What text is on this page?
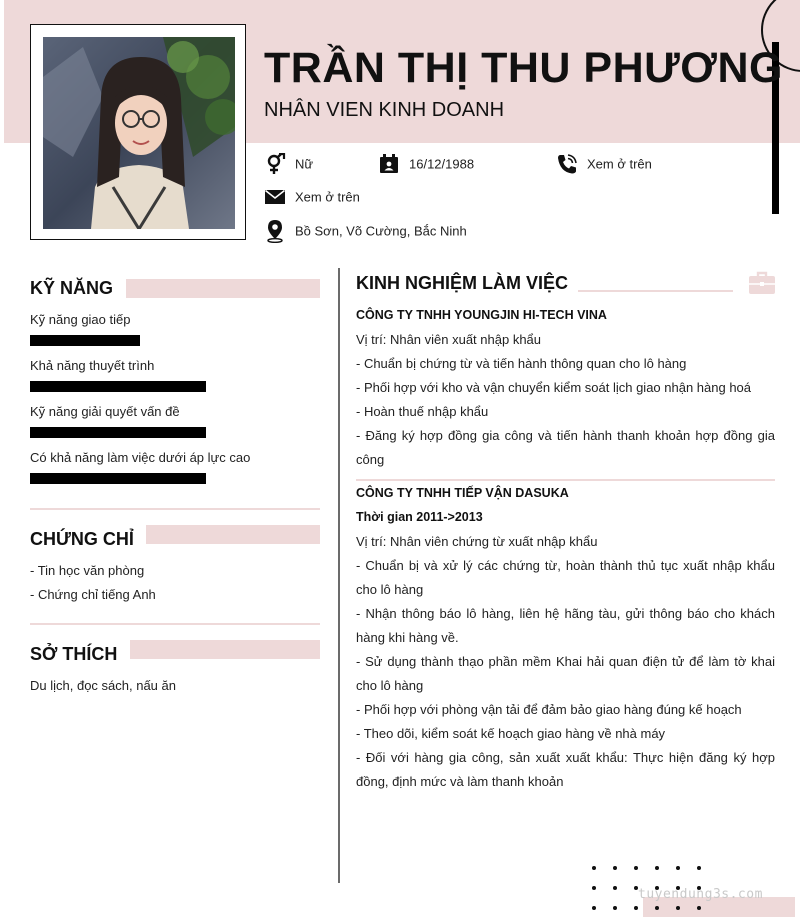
TRẦN THỊ THU PHƯƠNG
NHÂN VIEN KINH DOANH
Nữ	16/12/1988	Xem ở trên
Xem ở trên
Bồ Sơn, Võ Cường, Bắc Ninh
KỸ NĂNG
Kỹ năng giao tiếp
Khả năng thuyết trình
Kỹ năng giải quyết vấn đề
Có khả năng làm việc dưới áp lực cao
CHỨNG CHỈ
- Tin học văn phòng
- Chứng chỉ tiếng Anh
SỞ THÍCH
Du lịch, đọc sách, nấu ăn
KINH NGHIỆM LÀM VIỆC
CÔNG TY TNHH YOUNGJIN HI-TECH VINA
Vị trí: Nhân viên xuất nhập khẩu
- Chuẩn bị chứng từ và tiến hành thông quan cho lô hàng
- Phối hợp với kho và vận chuyển kiểm soát lịch giao nhận hàng hoá
- Hoàn thuế nhập khẩu
- Đăng ký hợp đồng gia công và tiến hành thanh khoản hợp đồng gia công
CÔNG TY TNHH TIẾP VẬN DASUKA
Thời gian 2011->2013
Vị trí: Nhân viên chứng từ xuất nhập khẩu
- Chuẩn bị và xử lý các chứng từ, hoàn thành thủ tục xuất nhập khẩu cho lô hàng
- Nhận thông báo lô hàng, liên hệ hãng tàu, gửi thông báo cho khách hàng khi hàng về.
- Sử dụng thành thạo phần mềm Khai hải quan điện tử để làm tờ khai cho lô hàng
- Phối hợp với phòng vận tải để đảm bảo giao hàng đúng kế hoạch
- Theo dõi, kiểm soát kế hoạch giao hàng về nhà máy
- Đối với hàng gia công, sản xuất xuất khẩu: Thực hiện đăng ký hợp đồng, định mức và làm thanh khoản
tuyendung3s.com
